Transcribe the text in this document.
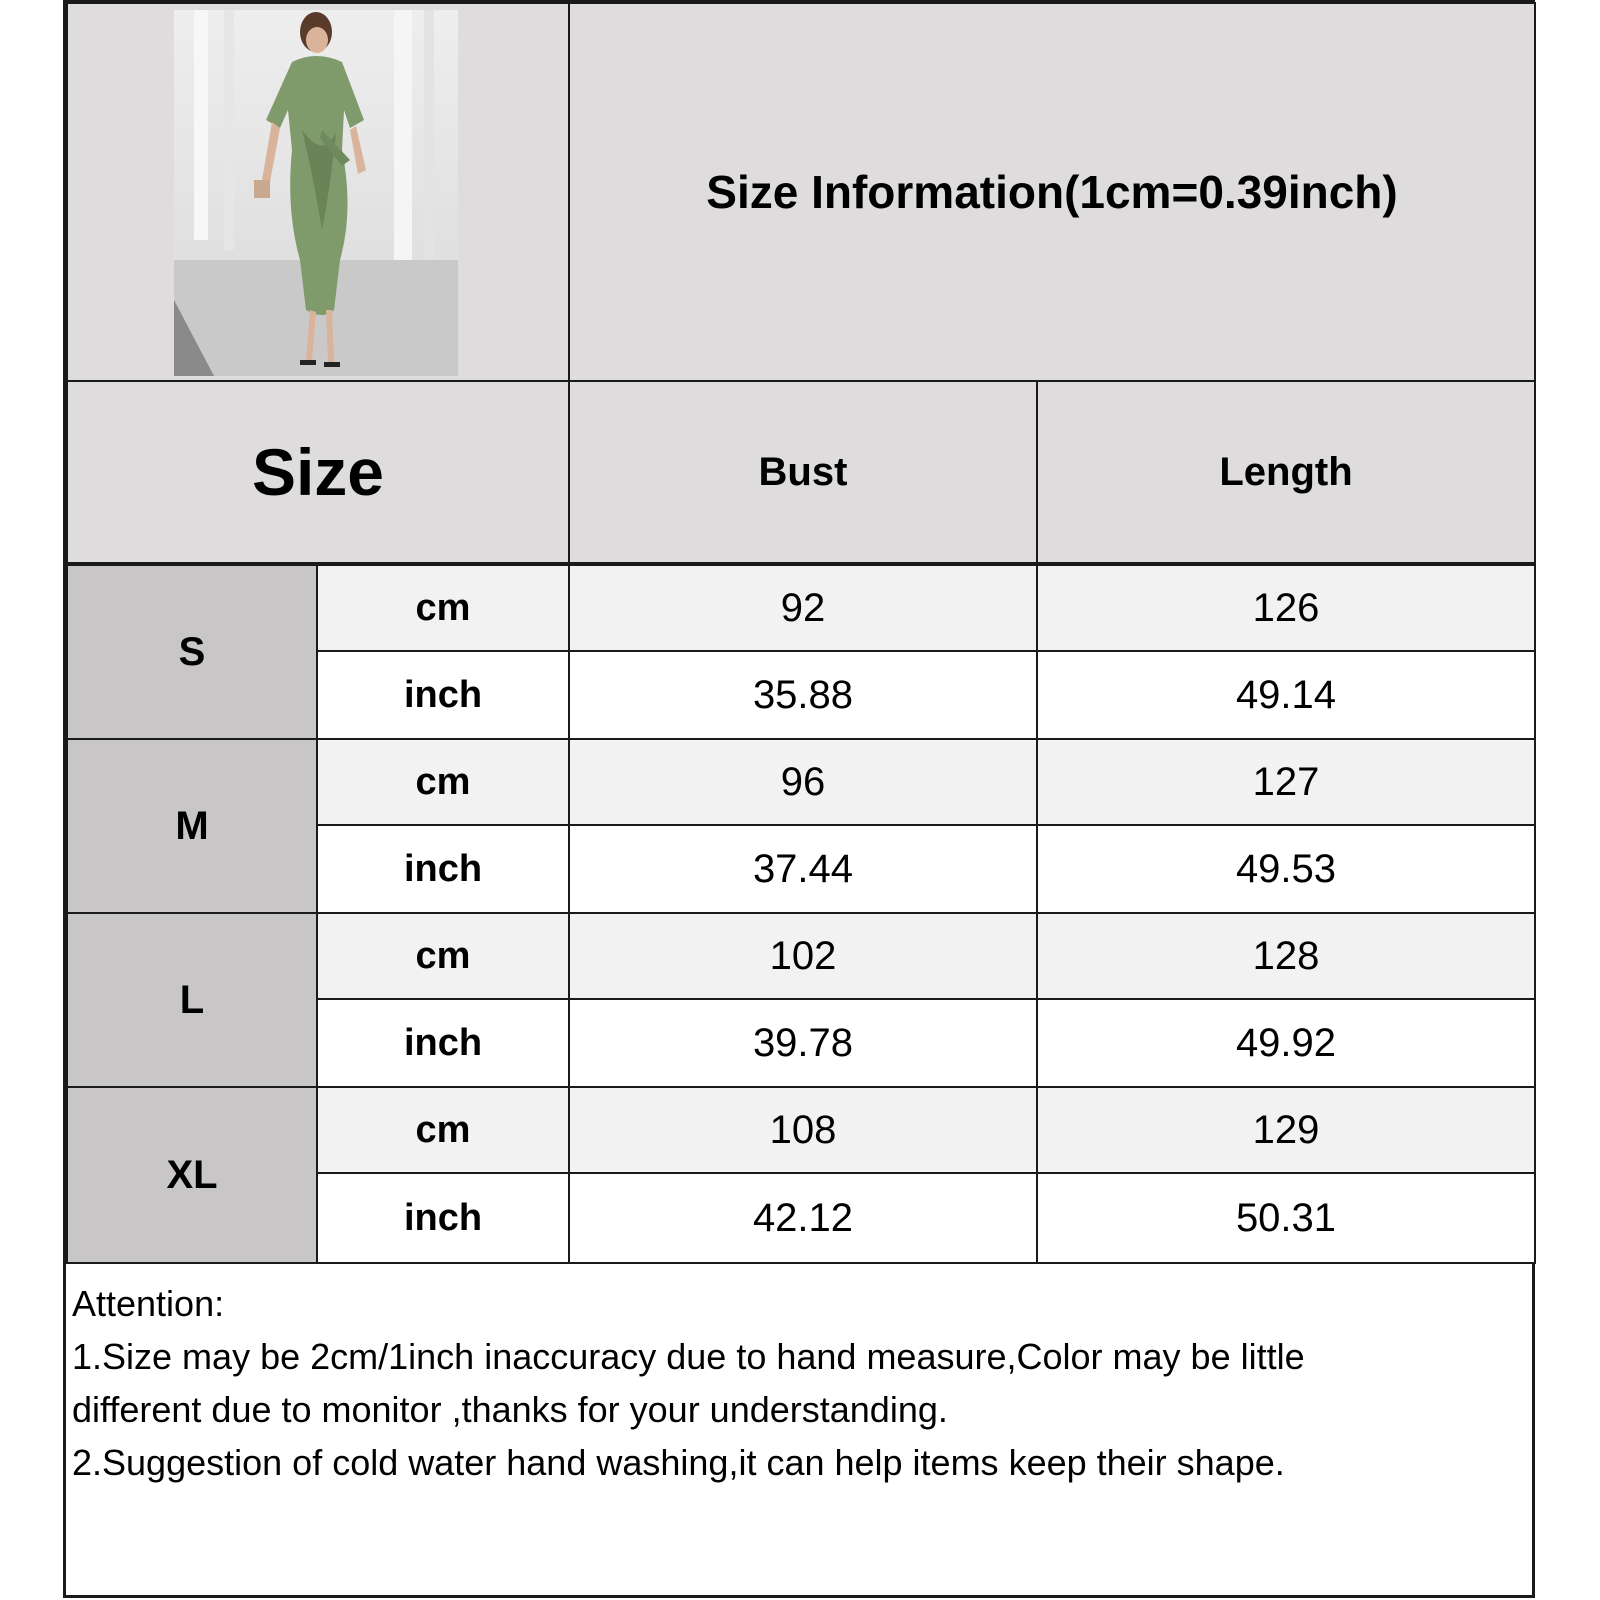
Size Information(1cm=0.39inch)
Size	Bust	Length
S
cm	92	126
inch	35.88	49.14
M
cm	96	127
inch	37.44	49.53
L
cm	102	128
inch	39.78	49.92
XL
cm	108	129
inch	42.12	50.31
Attention:
1.Size may be 2cm/1inch inaccuracy due to hand measure,Color may be little
different due to monitor ,thanks for your understanding.
2.Suggestion of cold water hand washing,it can help items keep their shape.
